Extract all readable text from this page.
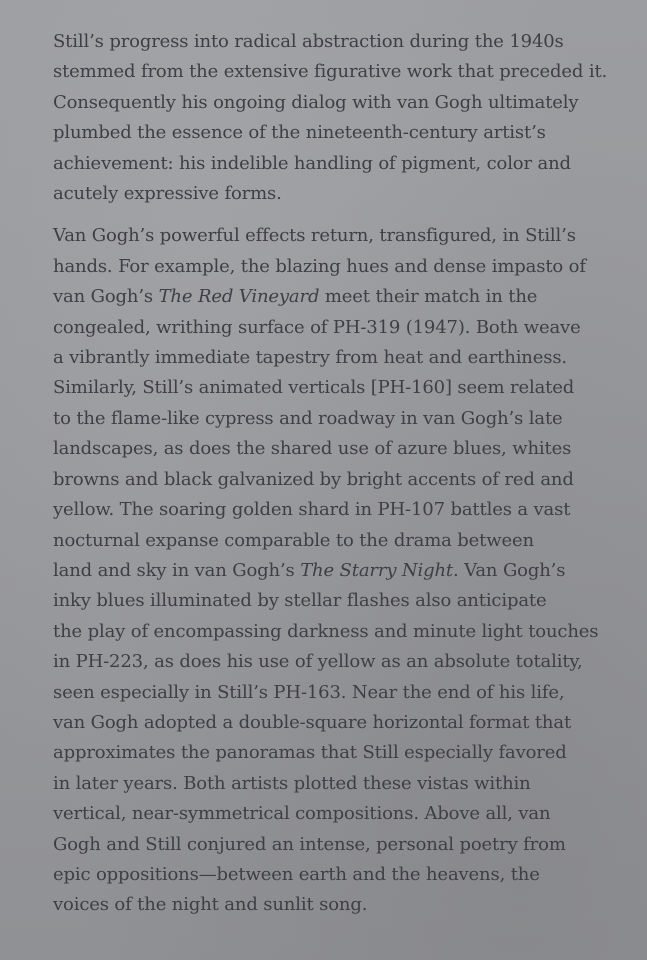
Still’s progress into radical abstraction during the 1940s
stemmed from the extensive figurative work that preceded it.
Consequently his ongoing dialog with van Gogh ultimately
plumbed the essence of the nineteenth-century artist’s
achievement: his indelible handling of pigment, color and
acutely expressive forms.

Van Gogh’s powerful effects return, transfigured, in Still’s
hands. For example, the blazing hues and dense impasto of
van Gogh’s The Red Vineyard meet their match in the
congealed, writhing surface of PH-319 (1947). Both weave
a vibrantly immediate tapestry from heat and earthiness.
Similarly, Still’s animated verticals [PH-160] seem related
to the flame-like cypress and roadway in van Gogh’s late
landscapes, as does the shared use of azure blues, whites
browns and black galvanized by bright accents of red and
yellow. The soaring golden shard in PH-107 battles a vast
nocturnal expanse comparable to the drama between
land and sky in van Gogh’s The Starry Night. Van Gogh’s
inky blues illuminated by stellar flashes also anticipate
the play of encompassing darkness and minute light touches
in PH-223, as does his use of yellow as an absolute totality,
seen especially in Still’s PH-163. Near the end of his life,
van Gogh adopted a double-square horizontal format that
approximates the panoramas that Still especially favored
in later years. Both artists plotted these vistas within
vertical, near-symmetrical compositions. Above all, van
Gogh and Still conjured an intense, personal poetry from
epic oppositions—between earth and the heavens, the
voices of the night and sunlit song.
